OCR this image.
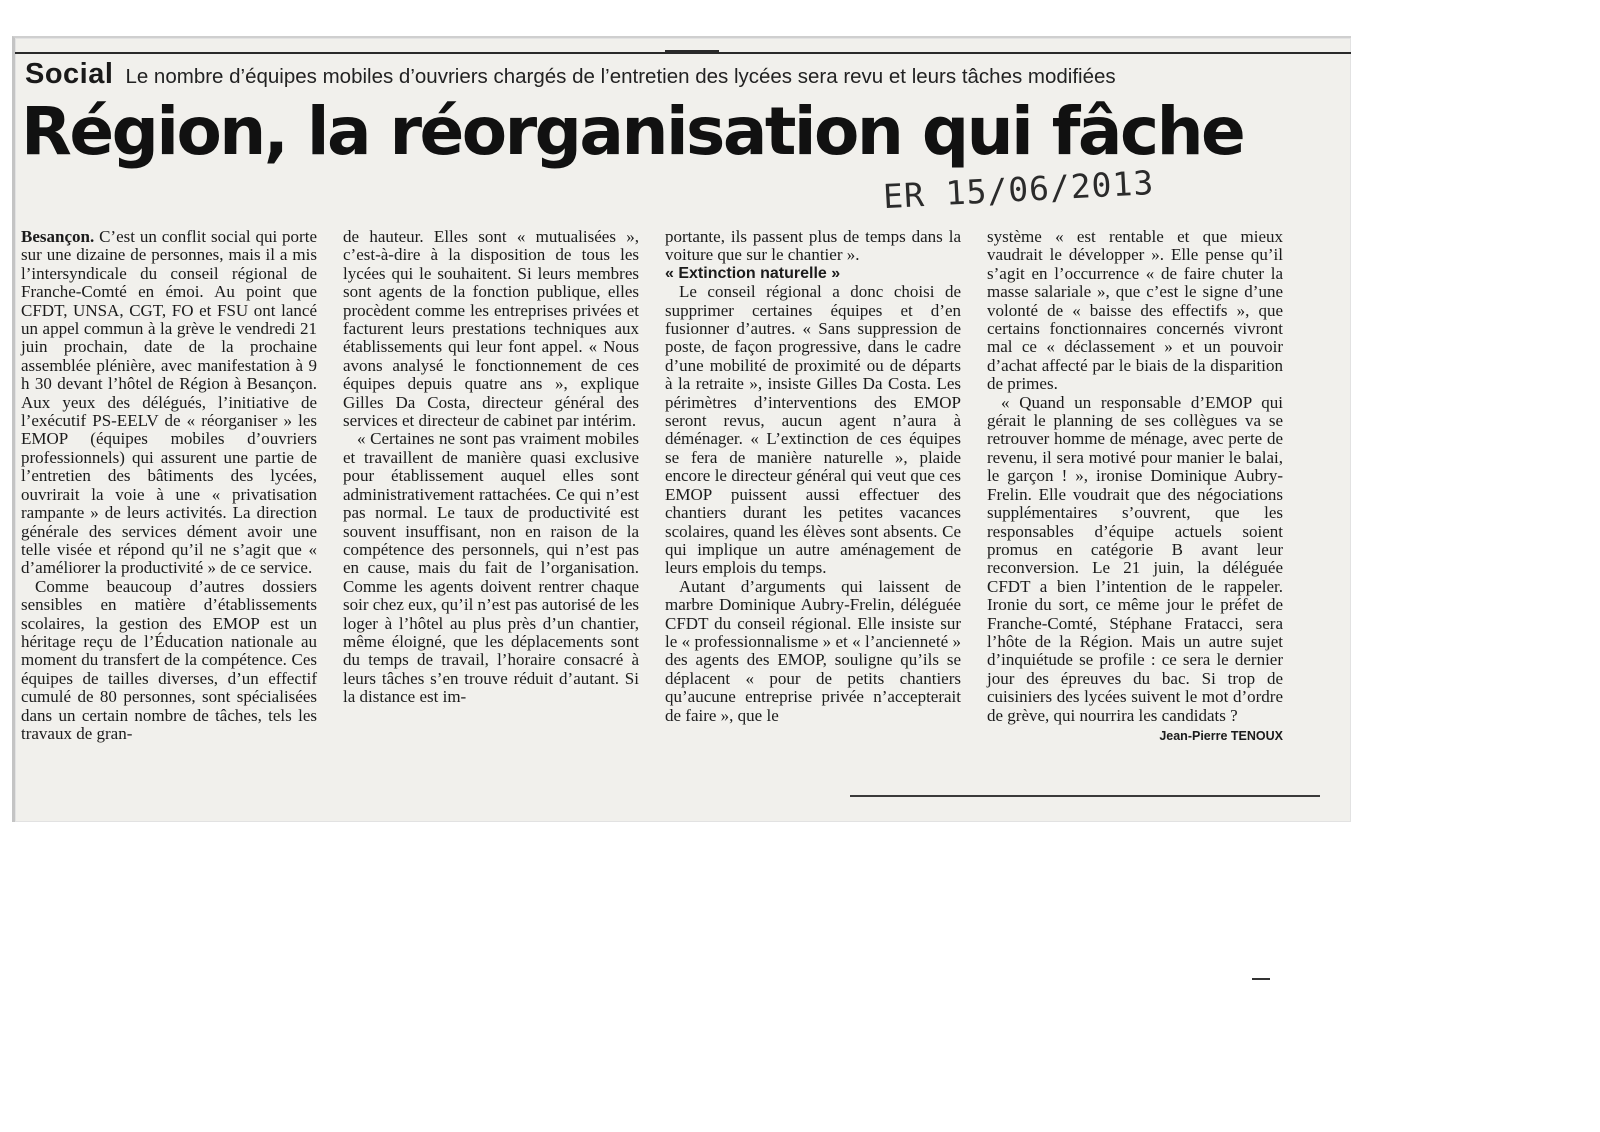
Social Le nombre d’équipes mobiles d’ouvriers chargés de l’entretien des lycées sera revu et leurs tâches modifiées
Région, la réorganisation qui fâche
ER 15/06/2013

Besançon. C’est un conflit social qui porte sur une dizaine de personnes, mais il a mis l’intersyndicale du conseil régional de Franche-Comté en émoi. Au point que CFDT, UNSA, CGT, FO et FSU ont lancé un appel commun à la grève le vendredi 21 juin prochain, date de la prochaine assemblée plénière, avec manifestation à 9 h 30 devant l’hôtel de Région à Besançon. Aux yeux des délégués, l’initiative de l’exécutif PS-EELV de « réorganiser » les EMOP (équipes mobiles d’ouvriers professionnels) qui assurent une partie de l’entretien des bâtiments des lycées, ouvrirait la voie à une « privatisation rampante » de leurs activités. La direction générale des services dément avoir une telle visée et répond qu’il ne s’agit que « d’améliorer la productivité » de ce service.

Comme beaucoup d’autres dossiers sensibles en matière d’établissements scolaires, la gestion des EMOP est un héritage reçu de l’Éducation nationale au moment du transfert de la compétence. Ces équipes de tailles diverses, d’un effectif cumulé de 80 personnes, sont spécialisées dans un certain nombre de tâches, tels les travaux de gran-

de hauteur. Elles sont « mutualisées », c’est-à-dire à la disposition de tous les lycées qui le souhaitent. Si leurs membres sont agents de la fonction publique, elles procèdent comme les entreprises privées et facturent leurs prestations techniques aux établissements qui leur font appel. « Nous avons analysé le fonctionnement de ces équipes depuis quatre ans », explique Gilles Da Costa, directeur général des services et directeur de cabinet par intérim.

« Certaines ne sont pas vraiment mobiles et travaillent de manière quasi exclusive pour établissement auquel elles sont administrativement rattachées. Ce qui n’est pas normal. Le taux de productivité est souvent insuffisant, non en raison de la compétence des personnels, qui n’est pas en cause, mais du fait de l’organisation. Comme les agents doivent rentrer chaque soir chez eux, qu’il n’est pas autorisé de les loger à l’hôtel au plus près d’un chantier, même éloigné, que les déplacements sont du temps de travail, l’horaire consacré à leurs tâches s’en trouve réduit d’autant. Si la distance est im-

portante, ils passent plus de temps dans la voiture que sur le chantier ».

« Extinction naturelle »

Le conseil régional a donc choisi de supprimer certaines équipes et d’en fusionner d’autres. « Sans suppression de poste, de façon progressive, dans le cadre d’une mobilité de proximité ou de départs à la retraite », insiste Gilles Da Costa. Les périmètres d’interventions des EMOP seront revus, aucun agent n’aura à déménager. « L’extinction de ces équipes se fera de manière naturelle », plaide encore le directeur général qui veut que ces EMOP puissent aussi effectuer des chantiers durant les petites vacances scolaires, quand les élèves sont absents. Ce qui implique un autre aménagement de leurs emplois du temps.

Autant d’arguments qui laissent de marbre Dominique Aubry-Frelin, déléguée CFDT du conseil régional. Elle insiste sur le « professionnalisme » et « l’ancienneté » des agents des EMOP, souligne qu’ils se déplacent « pour de petits chantiers qu’aucune entreprise privée n’accepterait de faire », que le

système « est rentable et que mieux vaudrait le développer ». Elle pense qu’il s’agit en l’occurrence « de faire chuter la masse salariale », que c’est le signe d’une volonté de « baisse des effectifs », que certains fonctionnaires concernés vivront mal ce « déclassement » et un pouvoir d’achat affecté par le biais de la disparition de primes.

« Quand un responsable d’EMOP qui gérait le planning de ses collègues va se retrouver homme de ménage, avec perte de revenu, il sera motivé pour manier le balai, le garçon ! », ironise Dominique Aubry-Frelin. Elle voudrait que des négociations supplémentaires s’ouvrent, que les responsables d’équipe actuels soient promus en catégorie B avant leur reconversion. Le 21 juin, la déléguée CFDT a bien l’intention de le rappeler. Ironie du sort, ce même jour le préfet de Franche-Comté, Stéphane Fratacci, sera l’hôte de la Région. Mais un autre sujet d’inquiétude se profile : ce sera le dernier jour des épreuves du bac. Si trop de cuisiniers des lycées suivent le mot d’ordre de grève, qui nourrira les candidats ?

Jean-Pierre TENOUX
